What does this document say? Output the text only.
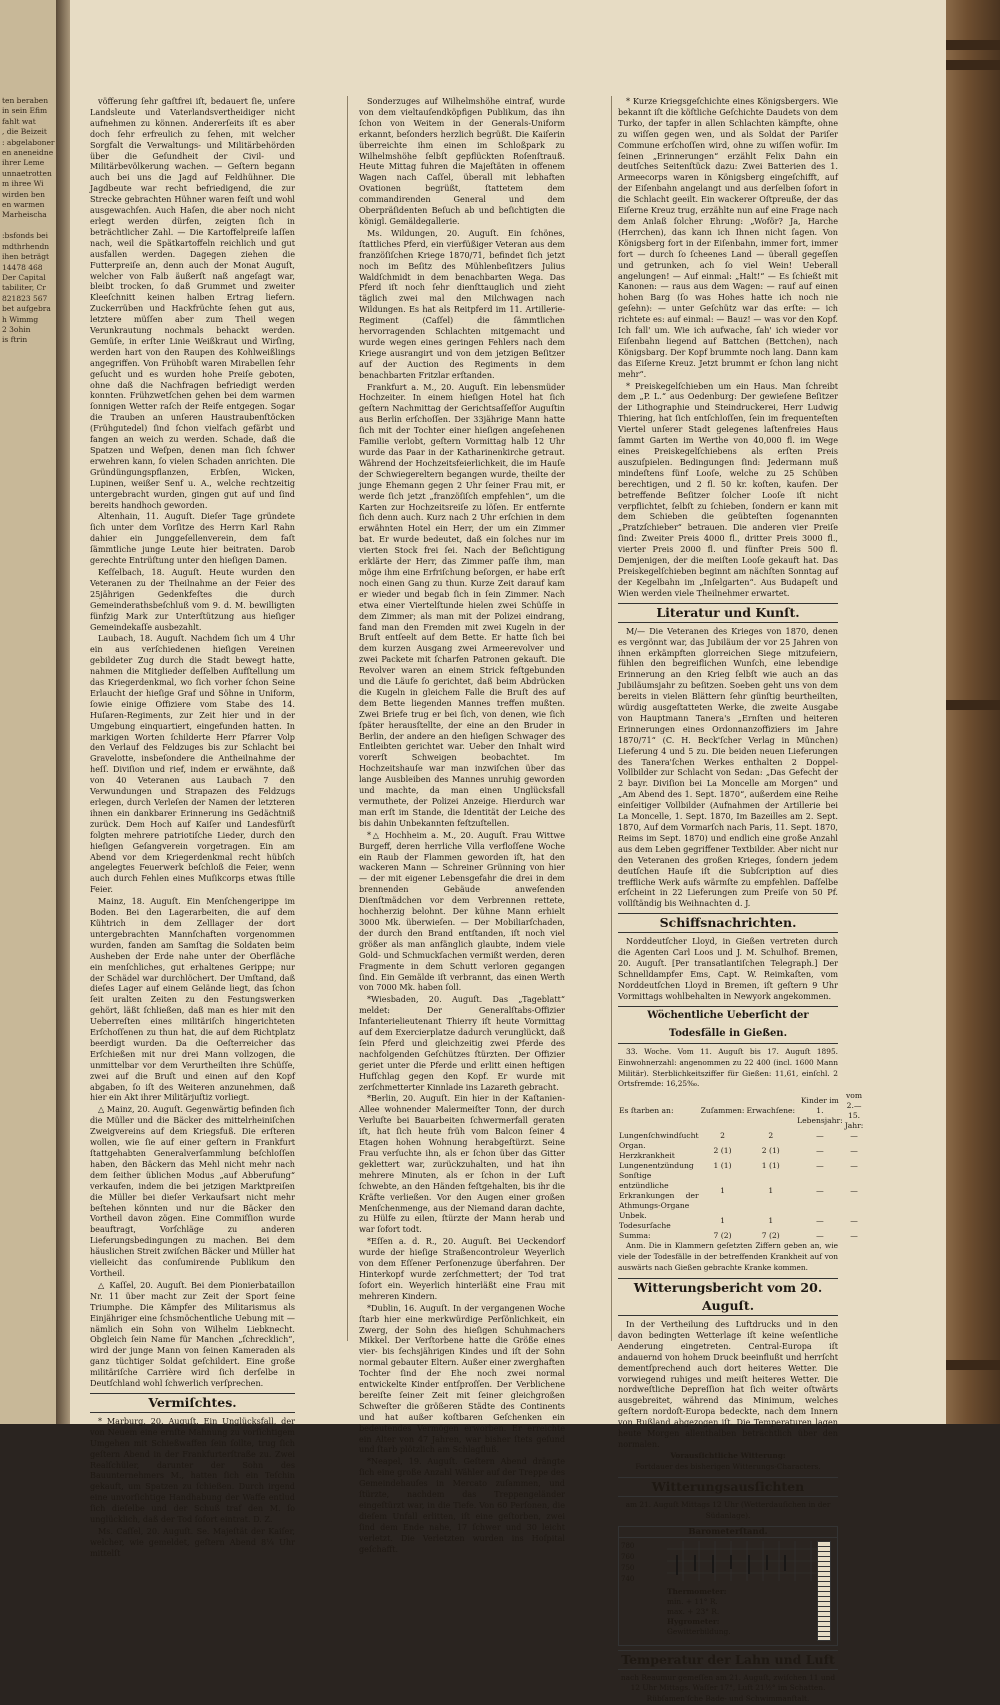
ten beraben
in sein Efim
fahlt wat
, die Beizeit
: abgelaboner
en aneneidne
ihrer Leme
unnaetrotten
m ihree Wi
wirden ben
en warmen
Marheischa

:bsfonds bei
mdthrhendn
ihen beträgt
14478 468
Der Capital
tabiliter, Cr
821823 567
bet aufgebra
h Wimmg
2 3ohin
is ftrin

vöfferung ſehr gaſtfrei iſt, bedauert ſie, unſere Landsleute und Vaterlandsvertheidiger nicht aufnehmen zu können. Andererſeits iſt es aber doch ſehr erfreulich zu ſehen, mit welcher Sorgfalt die Verwaltungs- und Militärbehörden über die Geſundheit der Civil- und Militärbevölkerung wachen. — Geſtern begann auch bei uns die Jagd auf Feldhühner. Die Jagdbeute war recht befriedigend, die zur Strecke gebrachten Hühner waren feiſt und wohl ausgewachſen. Auch Haſen, die aber noch nicht erlegt werden dürfen, zeigten ſich in beträchtlicher Zahl. — Die Kartoffelpreiſe laſſen nach, weil die Spätkartoffeln reichlich und gut ausfallen werden. Dagegen ziehen die Futterpreiſe an, denn auch der Monat Auguſt, welcher von Falb äußerſt naß angeſagt war, bleibt trocken, ſo daß Grummet und zweiter Kleeſchnitt keinen halben Ertrag liefern. Zuckerrüben und Hackfrüchte ſehen gut aus, letztere müſſen aber zum Theil wegen Verunkrautung nochmals behackt werden. Gemüſe, in erſter Linie Weißkraut und Wirſing, werden hart von den Raupen des Kohlweißlings angegriffen. Von Frühobſt waren Mirabellen ſehr geſucht und es wurden hohe Preiſe geboten, ohne daß die Nachfragen befriedigt werden konnten. Frühzwetſchen gehen bei dem warmen ſonnigen Wetter raſch der Reife entgegen. Sogar die Trauben an unſeren Haustraubenſtöcken (Frühgutedel) ſind ſchon vielfach gefärbt und fangen an weich zu werden. Schade, daß die Spatzen und Weſpen, denen man ſich ſchwer erwehren kann, ſo vielen Schaden anrichten. Die Gründüngungspflanzen, Erbſen, Wicken, Lupinen, weißer Senf u. A., welche rechtzeitig untergebracht wurden, gingen gut auf und ſind bereits handhoch geworden.

Altenhain, 11. Auguſt. Dieſer Tage gründete ſich unter dem Vorſitze des Herrn Karl Rahn dahier ein Junggeſellenverein, dem faſt ſämmtliche junge Leute hier beitraten. Darob gerechte Entrüſtung unter den hieſigen Damen.

Keſſelbach, 18. Auguſt. Heute wurden den Veteranen zu der Theilnahme an der Feier des 25jährigen Gedenkfeſtes die durch Gemeinderathsbeſchluß vom 9. d. M. bewilligten fünfzig Mark zur Unterſtützung aus hieſiger Gemeindekaſſe ausbezahlt.

Laubach, 18. Auguſt. Nachdem ſich um 4 Uhr ein aus verſchiedenen hieſigen Vereinen gebildeter Zug durch die Stadt bewegt hatte, nahmen die Mitglieder deſſelben Aufſtellung um das Kriegerdenkmal, wo ſich vorher ſchon Seine Erlaucht der hieſige Graf und Söhne in Uniform, ſowie einige Offiziere vom Stabe des 14. Huſaren-Regiments, zur Zeit hier und in der Umgebung einquartiert, eingefunden hatten. In markigen Worten ſchilderte Herr Pfarrer Volp den Verlauf des Feldzuges bis zur Schlacht bei Gravelotte, insbeſondere die Antheilnahme der heſſ. Diviſion und rief, indem er erwähnte, daß von 40 Veteranen aus Laubach 7 den Verwundungen und Strapazen des Feldzugs erlegen, durch Verleſen der Namen der letzteren ihnen ein dankbarer Erinnerung ins Gedächtniß zurück. Dem Hoch auf Kaiſer und Landesfürſt folgten mehrere patriotiſche Lieder, durch den hieſigen Geſangverein vorgetragen. Ein am Abend vor dem Kriegerdenkmal recht hübſch angelegtes Feuerwerk beſchloß die Feier, wenn auch durch Fehlen eines Muſikcorps etwas ſtille Feier.

Mainz, 18. Auguſt. Ein Menſchengerippe im Boden. Bei den Lagerarbeiten, die auf dem Kühtrich in dem Zelllager der dort untergebrachten Mannſchaften vorgenommen wurden, fanden am Samſtag die Soldaten beim Ausheben der Erde nahe unter der Oberfläche ein menſchliches, gut erhaltenes Gerippe; nur der Schädel war durchlöchert. Der Umſtand, daß dieſes Lager auf einem Gelände liegt, das ſchon ſeit uralten Zeiten zu den Festungswerken gehört, läßt ſchließen, daß man es hier mit den Ueberreſten eines militäriſch hingerichteten Erſchoſſenen zu thun hat, die auf dem Richtplatz beerdigt wurden. Da die Oeſterreicher das Erſchießen mit nur drei Mann vollzogen, die unmittelbar vor dem Verurtheilten ihre Schüſſe, zwei auf die Bruſt und einen auf den Kopf abgaben, ſo iſt des Weiteren anzunehmen, daß hier ein Akt ihrer Militärjuſtiz vorliegt.

△ Mainz, 20. Auguſt. Gegenwärtig befinden ſich die Müller und die Bäcker des mittelrheiniſchen Zweigvereins auf dem Kriegsfuß. Die erſteren wollen, wie ſie auf einer geſtern in Frankfurt ſtattgehabten Generalverſammlung beſchloſſen haben, den Bäckern das Mehl nicht mehr nach dem ſeither üblichen Modus „auf Abberufung“ verkaufen, indem die bei jetzigen Marktpreiſen die Müller bei dieſer Verkaufsart nicht mehr beſtehen könnten und nur die Bäcker den Vortheil davon zögen. Eine Commiſſion wurde beauftragt, Vorſchläge zu anderen Lieferungsbedingungen zu machen. Bei dem häuslichen Streit zwiſchen Bäcker und Müller hat vielleicht das conſumirende Publikum den Vortheil.

△ Kaſſel, 20. Auguſt. Bei dem Pionierbataillon Nr. 11 über macht zur Zeit der Sport ſeine Triumphe. Die Kämpfer des Militarismus als Einjähriger eine ſchsmöchentliche Uebung mit — nämlich ein Sohn von Wilhelm Liebknecht. Obgleich ſein Name für Manchen „ſchrecklich“, wird der junge Mann von ſeinen Kameraden als ganz tüchtiger Soldat geſchildert. Eine große militäriſche Carrière wird ſich derſelbe in Deutſchland wohl ſchwerlich verſprechen.

Vermiſchtes.

* Marburg, 20. Auguſt. Ein Unglücksfall, der von Neuem eine ernſte Mahnung zu vorſichtigem Umgehen mit Schießwaffen ſein ſollte, trug ſich geſtern Abend in der Frankfurterſtraße zu. Zwei Realſchüler, darunter der Sohn des Bauunternehmers M., hatten ſich ein Teſchin gekauft, um Spatzen zu ſchießen. Durch irgend eine unvorſichtige Handhabung der Waffe entlud ſich dieſelbe und der Schuß traf den M. ſo unglücklich, daß der Tod ſofort eintrat. D. Z.

Ms. Caſſel, 20. Auguſt. Se. Majeſtät der Kaiſer, welcher, wie gemeldet, geſtern Abend 8¼ Uhr mittelſt

Sonderzuges auf Wilhelmshöhe eintraf, wurde von dem vieltauſendköpfigen Publikum, das ihn ſchon von Weitem in der Generals-Uniform erkannt, beſonders herzlich begrüßt. Die Kaiſerin überreichte ihm einen im Schloßpark zu Wilhelmshöhe ſelbſt gepflückten Roſenſtrauß. Heute Mittag fuhren die Majeſtäten in offenem Wagen nach Caſſel, überall mit lebhaften Ovationen begrüßt, ſtattetem dem commandirenden General und dem Oberpräſidenten Beſuch ab und beſichtigten die königl. Gemäldegallerie.

Ms. Wildungen, 20. Auguſt. Ein ſchönes, ſtattliches Pferd, ein vierfüßiger Veteran aus dem franzöſiſchen Kriege 1870/71, befindet ſich jetzt noch im Beſitz des Mühlenbeſitzers Julius Waldſchmidt in dem benachbarten Wega. Das Pferd iſt noch ſehr dienſttauglich und zieht täglich zwei mal den Milchwagen nach Wildungen. Es hat als Reitpferd im 11. Artillerie-Regiment (Caſſel) die ſämmtlichen hervorragenden Schlachten mitgemacht und wurde wegen eines geringen Fehlers nach dem Kriege ausrangirt und von dem jetzigen Beſitzer auf der Auction des Regiments in dem benachbarten Fritzlar erſtanden.

Frankfurt a. M., 20. Auguſt. Ein lebensmüder Hochzeiter. In einem hieſigen Hotel hat ſich geſtern Nachmittag der Gerichtsaſſeſſor Auguſtin aus Berlin erſchoſſen. Der 33jährige Mann hatte ſich mit der Tochter einer hieſigen angeſehenen Familie verlobt, geſtern Vormittag halb 12 Uhr wurde das Paar in der Katharinenkirche getraut. Während der Hochzeitsfeierlichkeit, die im Hauſe der Schwiegereltern begangen wurde, theilte der junge Ehemann gegen 2 Uhr ſeiner Frau mit, er werde ſich jetzt „franzöſiſch empfehlen“, um die Karten zur Hochzeitsreiſe zu löſen. Er entfernte ſich denn auch. Kurz nach 2 Uhr erſchien in dem erwähnten Hotel ein Herr, der um ein Zimmer bat. Er wurde bedeutet, daß ein ſolches nur im vierten Stock frei ſei. Nach der Beſichtigung erklärte der Herr, das Zimmer paſſe ihm, man möge ihm eine Erfriſchung beſorgen, er habe erſt noch einen Gang zu thun. Kurze Zeit darauf kam er wieder und begab ſich in ſein Zimmer. Nach etwa einer Viertelſtunde hielen zwei Schüſſe in dem Zimmer; als man mit der Polizei eindrang, fand man den Fremden mit zwei Kugeln in der Bruſt entſeelt auf dem Bette. Er hatte ſich bei dem kurzen Ausgang zwei Armeerevolver und zwei Packete mit ſcharfen Patronen gekauft. Die Revolver waren an einem Strick feſtgebunden und die Läufe ſo gerichtet, daß beim Abdrücken die Kugeln in gleichem Falle die Bruſt des auf dem Bette liegenden Mannes treffen mußten. Zwei Briefe trug er bei ſich, von denen, wie ſich ſpäter herausſtellte, der eine an den Bruder in Berlin, der andere an den hieſigen Schwager des Entleibten gerichtet war. Ueber den Inhalt wird vorerſt Schweigen beobachtet. Im Hochzeitshauſe war man inzwiſchen über das lange Ausbleiben des Mannes unruhig geworden und machte, da man einen Unglücksfall vermuthete, der Polizei Anzeige. Hierdurch war man erſt im Stande, die Identität der Leiche des bis dahin Unbekannten feſtzuſtellen.

*△ Hochheim a. M., 20. Auguſt. Frau Wittwe Burgeff, deren herrliche Villa verfloſſene Woche ein Raub der Flammen geworden iſt, hat den wackeren Mann — Schreiner Grünning von hier — der mit eigener Lebensgefahr die drei in dem brennenden Gebäude anweſenden Dienſtmädchen vor dem Verbrennen rettete, hochherzig belohnt. Der kühne Mann erhielt 3000 Mk. überwieſen. — Der Mobiliarſchaden, der durch den Brand entſtanden, iſt noch viel größer als man anfänglich glaubte, indem viele Gold- und Schmuckſachen vermißt werden, deren Fragmente in dem Schutt verloren gegangen ſind. Ein Gemälde iſt verbrannt, das einen Werth von 7000 Mk. haben ſoll.

*Wiesbaden, 20. Auguſt. Das „Tageblatt“ meldet: Der Generalſtabs-Offizier Infanterielieutenant Thierry iſt heute Vormittag auf dem Exercierplatze dadurch verunglückt, daß ſein Pferd und gleichzeitig zwei Pferde des nachfolgenden Geſchützes ſtürzten. Der Offizier geriet unter die Pferde und erlitt einen heftigen Hufſchlag gegen den Kopf. Er wurde mit zerſchmetterter Kinnlade ins Lazareth gebracht.

*Berlin, 20. Auguſt. Ein hier in der Kaſtanien-Allee wohnender Malermeiſter Tonn, der durch Verluſte bei Bauarbeiten ſchwermerfall geraten iſt, hat ſich heute früh vom Balcon ſeiner 4 Etagen hohen Wohnung herabgeſtürzt. Seine Frau verſuchte ihn, als er ſchon über das Gitter geklettert war, zurückzuhalten, und hat ihn mehrere Minuten, als er ſchon in der Luft ſchwebte, an den Händen feſtgehalten, bis ihr die Kräfte verließen. Vor den Augen einer großen Menſchenmenge, aus der Niemand daran dachte, zu Hülfe zu eilen, ſtürzte der Mann herab und war ſofort todt.

*Eſſen a. d. R., 20. Auguſt. Bei Ueckendorf wurde der hieſige Straßencontroleur Weyerlich von dem Eſſener Perſonenzuge überfahren. Der Hinterkopf wurde zerſchmettert; der Tod trat ſofort ein. Weyerlich hinterläßt eine Frau mit mehreren Kindern.

*Dublin, 16. Auguſt. In der vergangenen Woche ſtarb hier eine merkwürdige Perſönlichkeit, ein Zwerg, der Sohn des hieſigen Schuhmachers Mikkel. Der Verſtorbene hatte die Größe eines vier- bis ſechsjährigen Kindes und iſt der Sohn normal gebauter Eltern. Außer einer zwerghaften Tochter ſind der Ehe noch zwei normal entwickelte Kinder entſproſſen. Der Verblichene bereiſte ſeiner Zeit mit ſeiner gleichgroßen Schweſter die größeren Städte des Continents und hat außer koſtbaren Geſchenken ein bedeutendes Vermögen erworben. Er erreichte ein Alter von 47 Jahren, war bisher ſtets geſund und ſtarb plötzlich am Schlagfluß.

*Neapel, 19. Auguſt. Geſtern Abend drängte ſich eine große Anzahl Wähler auf der Treppe des Gemeindehauſes in Mercato zuſammen, und ſtürzte, nachdem das Treppengeländer eingeſtürzt war, in die Tiefe. Von 60 Perſonen, die dieſem Unfall erlitten, iſt eine geſtorben, zwei ſind dem Ende nahe, 17 ſchwer und 30 leicht verletzt. Die Verletzten wurden ins Hoſpital geſchafft.

* Kurze Kriegsgeſchichte eines Königsbergers. Wie bekannt iſt die köſtliche Geſchichte Daudets von dem Turko, der tapfer in allen Schlachten kämpfte, ohne zu wiſſen gegen wen, und als Soldat der Pariſer Commune erſchoſſen wird, ohne zu wiſſen wofür. Im ſeinen „Erinnerungen“ erzählt Felix Dahn ein deutſches Seitenſtück dazu: Zwei Batterien des 1. Armeecorps waren in Königsberg eingeſchifft, auf der Eiſenbahn angelangt und aus derſelben ſofort in die Schlacht geeilt. Ein wackerer Oſtpreuße, der das Eiſerne Kreuz trug, erzählte nun auf eine Frage nach dem Anlaß ſolcher Ehrung: „Woför? Ja, Harche (Herrchen), das kann ich Ihnen nicht ſagen. Von Königsberg fort in der Eiſenbahn, immer fort, immer fort — durch ſo ſcheenes Land — überall gegeſſen und getrunken, ach ſo viel Wein! Ueberall angelungen! — Auf einmal: „Halt!“ — Es ſchießt mit Kanonen: — raus aus dem Wagen: — rauf auf einen hohen Barg (ſo was Hohes hatte ich noch nie geſehn): — unter Geſchütz war das erſte: — ich richtete es: auf einmal: — Bauz! — was vor den Kopf. Ich fall' um. Wie ich aufwache, ſah' ich wieder vor Eiſenbahn liegend auf Battchen (Bettchen), nach Königsbarg. Der Kopf brummte noch lang. Dann kam das Eiſerne Kreuz. Jetzt brummt er ſchon lang nicht mehr“.

* Preiskegelſchieben um ein Haus. Man ſchreibt dem „P. L.“ aus Oedenburg: Der gewieſene Beſitzer der Lithographie und Steindruckerei, Herr Ludwig Thiering, hat ſich entſchloſſen, ſein im frequenteſten Viertel unſerer Stadt gelegenes laſtenfreies Haus ſammt Garten im Werthe von 40,000 fl. im Wege eines Preiskegelſchiebens als erſten Preis auszuſpielen. Bedingungen ſind: Jedermann muß mindeſtens fünf Looſe, welche zu 25 Schüben berechtigen, und 2 fl. 50 kr. koſten, kaufen. Der betreffende Beſitzer ſolcher Looſe iſt nicht verpflichtet, ſelbſt zu ſchieben, ſondern er kann mit dem Schieben die geübteſten ſogenannten „Pratzſchieber“ betrauen. Die anderen vier Preiſe ſind: Zweiter Preis 4000 fl., dritter Preis 3000 fl., vierter Preis 2000 fl. und fünfter Preis 500 fl. Demjenigen, der die meiſten Looſe gekauft hat. Das Preiskegelſchieben beginnt am nächſten Sonntag auf der Kegelbahn im „Inſelgarten“. Aus Budapeſt und Wien werden viele Theilnehmer erwartet.

Literatur und Kunſt.

M/— Die Veteranen des Krieges von 1870, denen es vergönnt war, das Jubiläum der vor 25 Jahren von ihnen erkämpften glorreichen Siege mitzufeiern, fühlen den begreiflichen Wunſch, eine lebendige Erinnerung an den Krieg ſelbſt wie auch an das Jubiläumsjahr zu beſitzen. Soeben geht uns von dem bereits in vielen Blättern ſehr günſtig beurtheilten, würdig ausgeſtatteten Werke, die zweite Ausgabe von Hauptmann Tanera's „Ernſten und heiteren Erinnerungen eines Ordonnanzoffiziers im Jahre 1870/71“ (C. H. Beck'ſcher Verlag in München) Lieferung 4 und 5 zu. Die beiden neuen Lieferungen des Tanera'ſchen Werkes enthalten 2 Doppel-Vollbilder zur Schlacht von Sedan: „Das Gefecht der 2 bayr. Diviſion bei La Moncelle am Morgen“ und „Am Abend des 1. Sept. 1870“, außerdem eine Reihe einſeitiger Vollbilder (Aufnahmen der Artillerie bei La Moncelle, 1. Sept. 1870, Im Bazeilles am 2. Sept. 1870, Auf dem Vormarſch nach Paris, 11. Sept. 1870, Reims im Sept. 1870) und endlich eine große Anzahl aus dem Leben gegriffener Textbilder. Aber nicht nur den Veteranen des großen Krieges, ſondern jedem deutſchen Hauſe iſt die Subſcription auf dies treffliche Werk aufs wärmſte zu empfehlen. Daſſelbe erſcheint in 22 Lieferungen zum Preiſe von 50 Pf. vollſtändig bis Weihnachten d. J.

Schiffsnachrichten.

Norddeutſcher Lloyd, in Gießen vertreten durch die Agenten Carl Loos und J. M. Schulhof. Bremen, 20. Auguſt. [Per transatlantiſchen Telegraph.] Der Schnelldampfer Ems, Capt. W. Reimkaſten, vom Norddeutſchen Lloyd in Bremen, iſt geſtern 9 Uhr Vormittags wohlbehalten in Newyork angekommen.

Wöchentliche Ueberſicht der Todesfälle in Gießen.

33. Woche. Vom 11. Auguſt bis 17. Auguſt 1895. Einwohnerzahl: angenommen zu 22 400 (incl. 1600 Mann Militär). Sterblichkeitsziffer für Gießen: 11,61, einſchl. 2 Ortsfremde: 16,25‰.

Es ſtarben an:	Zuſammen:	Erwachſene:	Kinder im 1. Lebensjahr:	vom 2.—15. Jahr:
Lungenſchwindſucht	2	2	—	—
Organ. Herzkrankheit	2 (1)	2 (1)	—	—
Lungenentzündung	1 (1)	1 (1)	—	—
Sonſtige entzündliche Erkrankungen der Athmungs-Organe	1	1	—	—
Unbek. Todesurſache	1	1	—	—
Summa:	7 (2)	7 (2)	—	—

Anm. Die in Klammern geſetzten Ziffern geben an, wie viele der Todesfälle in der betreffenden Krankheit auf von auswärts nach Gießen gebrachte Kranke kommen.

Witterungsbericht vom 20. Auguſt.

In der Vertheilung des Luftdrucks und in den davon bedingten Wetterlage iſt keine weſentliche Aenderung eingetreten. Central-Europa iſt andauernd von hohem Druck beeinflußt und herrſcht dementſprechend auch dort heiteres Wetter. Die vorwiegend ruhiges und meiſt heiteres Wetter. Die nordweſtliche Depreſſion hat ſich weiter oſtwärts ausgebreitet, während das Minimum, welches geſtern nordoſt-Europa bedeckte, nach dem Innern von Rußland abgezogen iſt. Die Temperaturen lagen heute Morgen allenthalben beträchtlich über den normalen.

Vorausſichtliche Witterung:
Fortdauer des bisherigen Witterungs-Characters.
Witterungsausſichten
am 21. Auguſt Mittags 12 Uhr (Wetterdauſichen in der Südanlage).
Barometerſtand.
780
760
750
740
Thermometer:
min. + 11° R.
max. + 23° R.
Hygrometer:
Gewitterbildung.
Temperatur der Lahn und Luft

nach Reaumur gemeſſen am 21. Auguſt, zwiſchen 11 und 12 Uhr Mittags. Waſſer 17°, Luft 21½° im Schatten. Rübſamen'ſche Bade- und Schwimmanſtalt.
